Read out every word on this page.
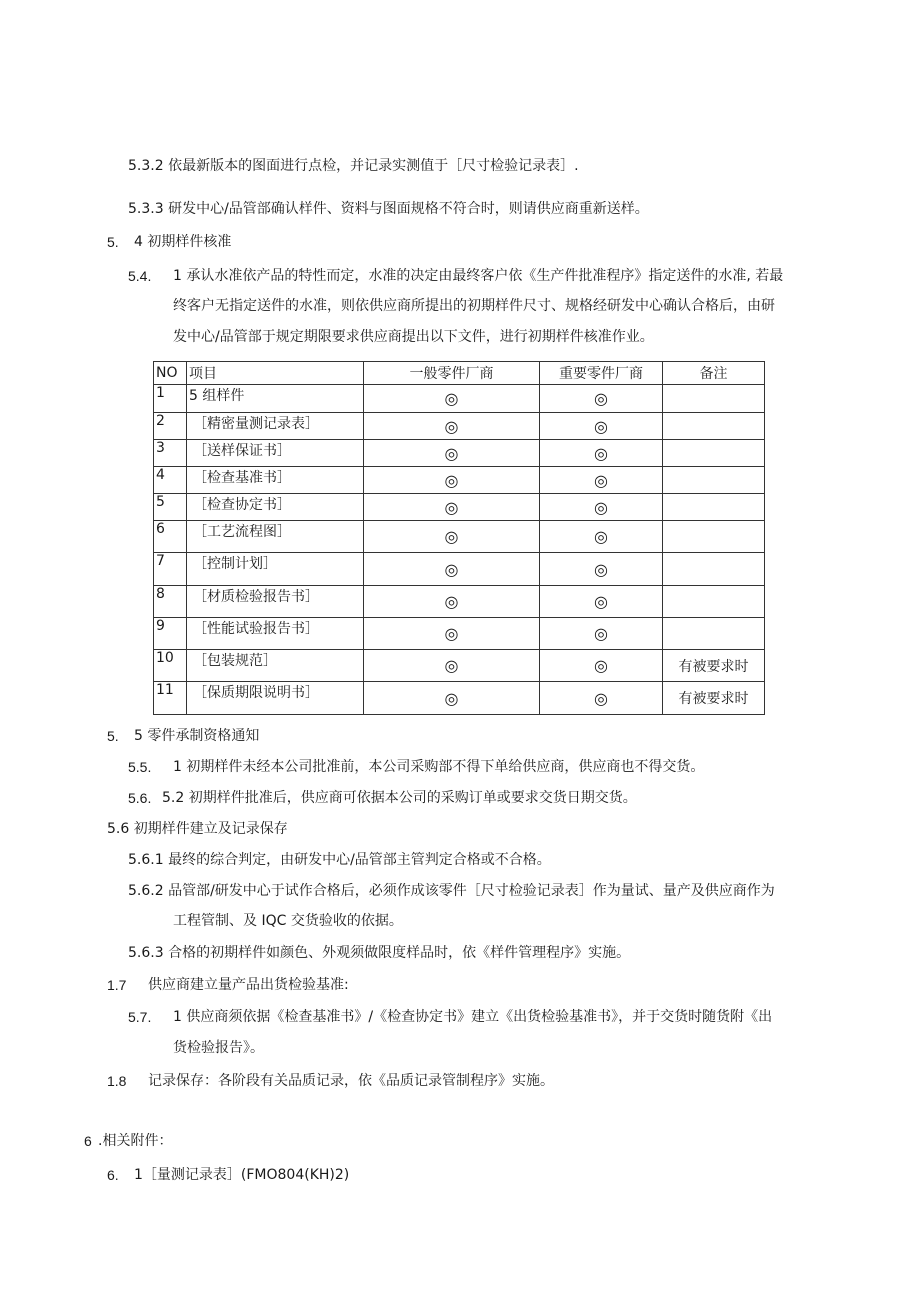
5.3.2 依最新版本的图面进行点检，并记录实测值于［尺寸检验记录表］.
5.3.3 研发中心/品管部确认样件、资料与图面规格不符合时，则请供应商重新送样。
5. 4 初期样件核准
5.4. 1 承认水准依产品的特性而定，水准的决定由最终客户依《生产件批准程序》指定送件的水准, 若最
终客户无指定送件的水准，则依供应商所提出的初期样件尺寸、规格经研发中心确认合格后，由研
发中心/品管部于规定期限要求供应商提出以下文件，进行初期样件核准作业。
NO	项目	一般零件厂商	重要零件厂商	备注
1	5 组样件	◎	◎	
2	［精密量测记录表］	◎	◎	
3	［送样保证书］	◎	◎	
4	［检查基准书］	◎	◎	
5	［检查协定书］	◎	◎	
6	［工艺流程图］	◎	◎	
7	［控制计划］	◎	◎	
8	［材质检验报告书］	◎	◎	
9	［性能试验报告书］	◎	◎	
10	［包装规范］	◎	◎	有被要求时
11	［保质期限说明书］	◎	◎	有被要求时
5. 5 零件承制资格通知
5.5. 1 初期样件未经本公司批准前，本公司采购部不得下单给供应商，供应商也不得交货。
5.6. 5.2 初期样件批准后，供应商可依据本公司的采购订单或要求交货日期交货。
5.6 初期样件建立及记录保存
5.6.1 最终的综合判定，由研发中心/品管部主管判定合格或不合格。
5.6.2 品管部/研发中心于试作合格后，必须作成该零件［尺寸检验记录表］作为量试、量产及供应商作为
工程管制、及 IQC 交货验收的依据。
5.6.3 合格的初期样件如颜色、外观须做限度样品时，依《样件管理程序》实施。
1.7 供应商建立量产品出货检验基准:
5.7. 1 供应商须依据《检查基准书》/《检查协定书》建立《出货检验基准书》，并于交货时随货附《出
货检验报告》。
1.8 记录保存：各阶段有关品质记录，依《品质记录管制程序》实施。
6 .相关附件：
6. 1［量测记录表］(FMO804(KH)2)
